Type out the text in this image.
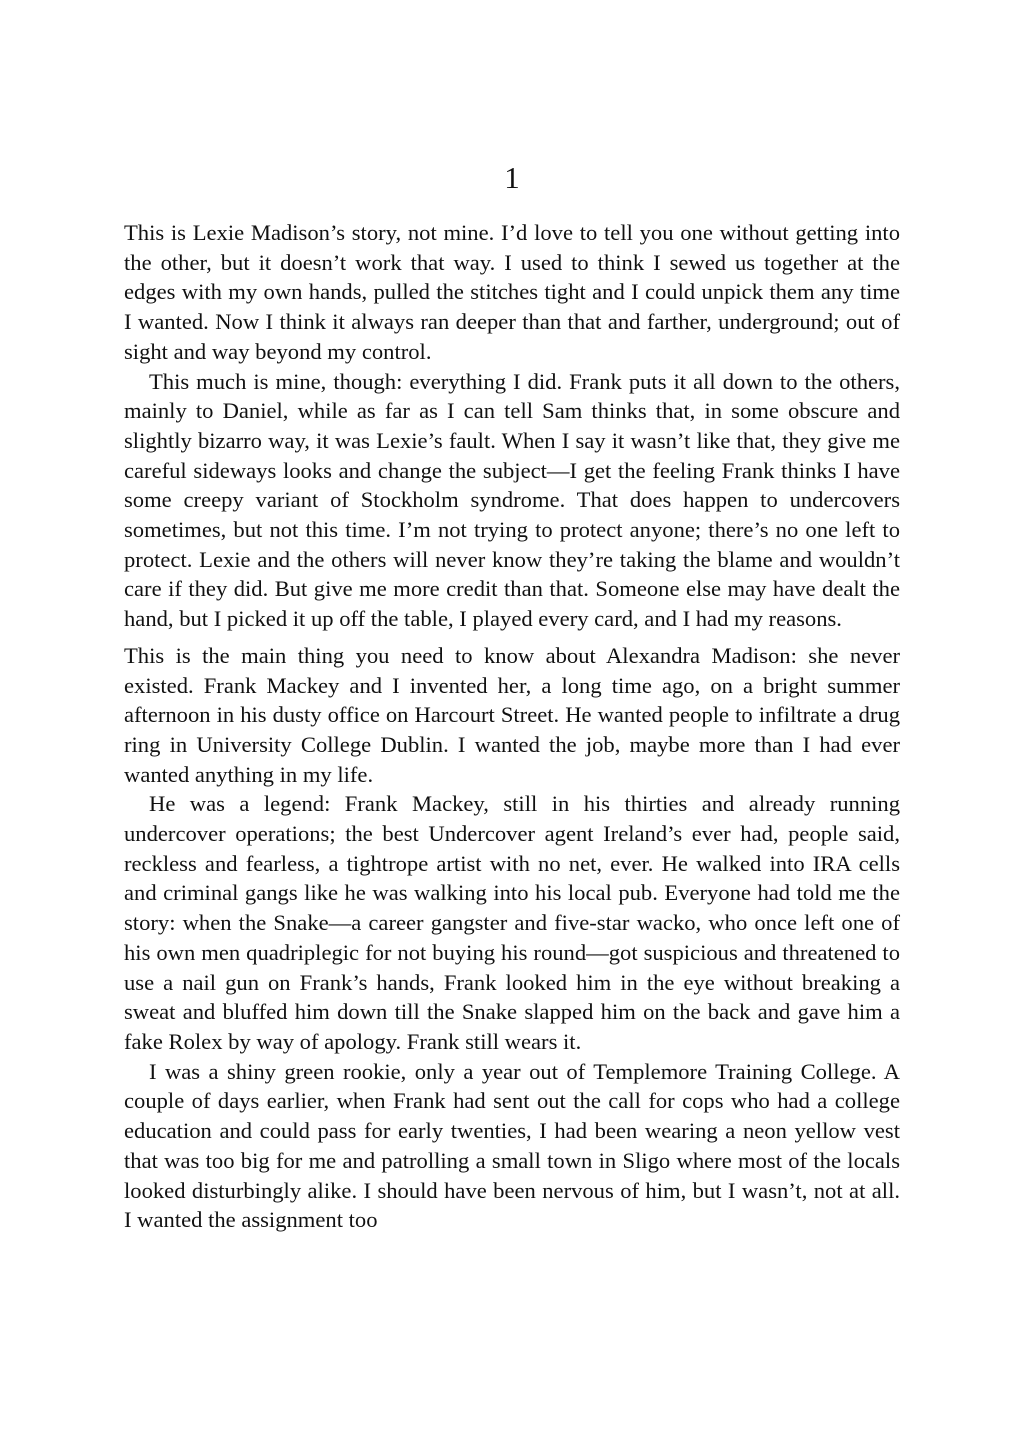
1

This is Lexie Madison’s story, not mine. I’d love to tell you one without getting into the other, but it doesn’t work that way. I used to think I sewed us together at the edges with my own hands, pulled the stitches tight and I could unpick them any time I wanted. Now I think it always ran deeper than that and farther, underground; out of sight and way beyond my control.

This much is mine, though: everything I did. Frank puts it all down to the others, mainly to Daniel, while as far as I can tell Sam thinks that, in some obscure and slightly bizarro way, it was Lexie’s fault. When I say it wasn’t like that, they give me careful sideways looks and change the subject—I get the feeling Frank thinks I have some creepy variant of Stockholm syndrome. That does happen to undercovers sometimes, but not this time. I’m not trying to protect anyone; there’s no one left to protect. Lexie and the others will never know they’re taking the blame and wouldn’t care if they did. But give me more credit than that. Someone else may have dealt the hand, but I picked it up off the table, I played every card, and I had my reasons.

This is the main thing you need to know about Alexandra Madison: she never existed. Frank Mackey and I invented her, a long time ago, on a bright summer afternoon in his dusty office on Harcourt Street. He wanted people to infiltrate a drug ring in University College Dublin. I wanted the job, maybe more than I had ever wanted anything in my life.

He was a legend: Frank Mackey, still in his thirties and already running undercover operations; the best Undercover agent Ireland’s ever had, people said, reckless and fearless, a tightrope artist with no net, ever. He walked into IRA cells and criminal gangs like he was walking into his local pub. Everyone had told me the story: when the Snake—a career gangster and five-star wacko, who once left one of his own men quadriplegic for not buying his round—got suspicious and threatened to use a nail gun on Frank’s hands, Frank looked him in the eye without breaking a sweat and bluffed him down till the Snake slapped him on the back and gave him a fake Rolex by way of apology. Frank still wears it.

I was a shiny green rookie, only a year out of Templemore Training College. A couple of days earlier, when Frank had sent out the call for cops who had a college education and could pass for early twenties, I had been wearing a neon yellow vest that was too big for me and patrolling a small town in Sligo where most of the locals looked disturbingly alike. I should have been nervous of him, but I wasn’t, not at all. I wanted the assignment too
